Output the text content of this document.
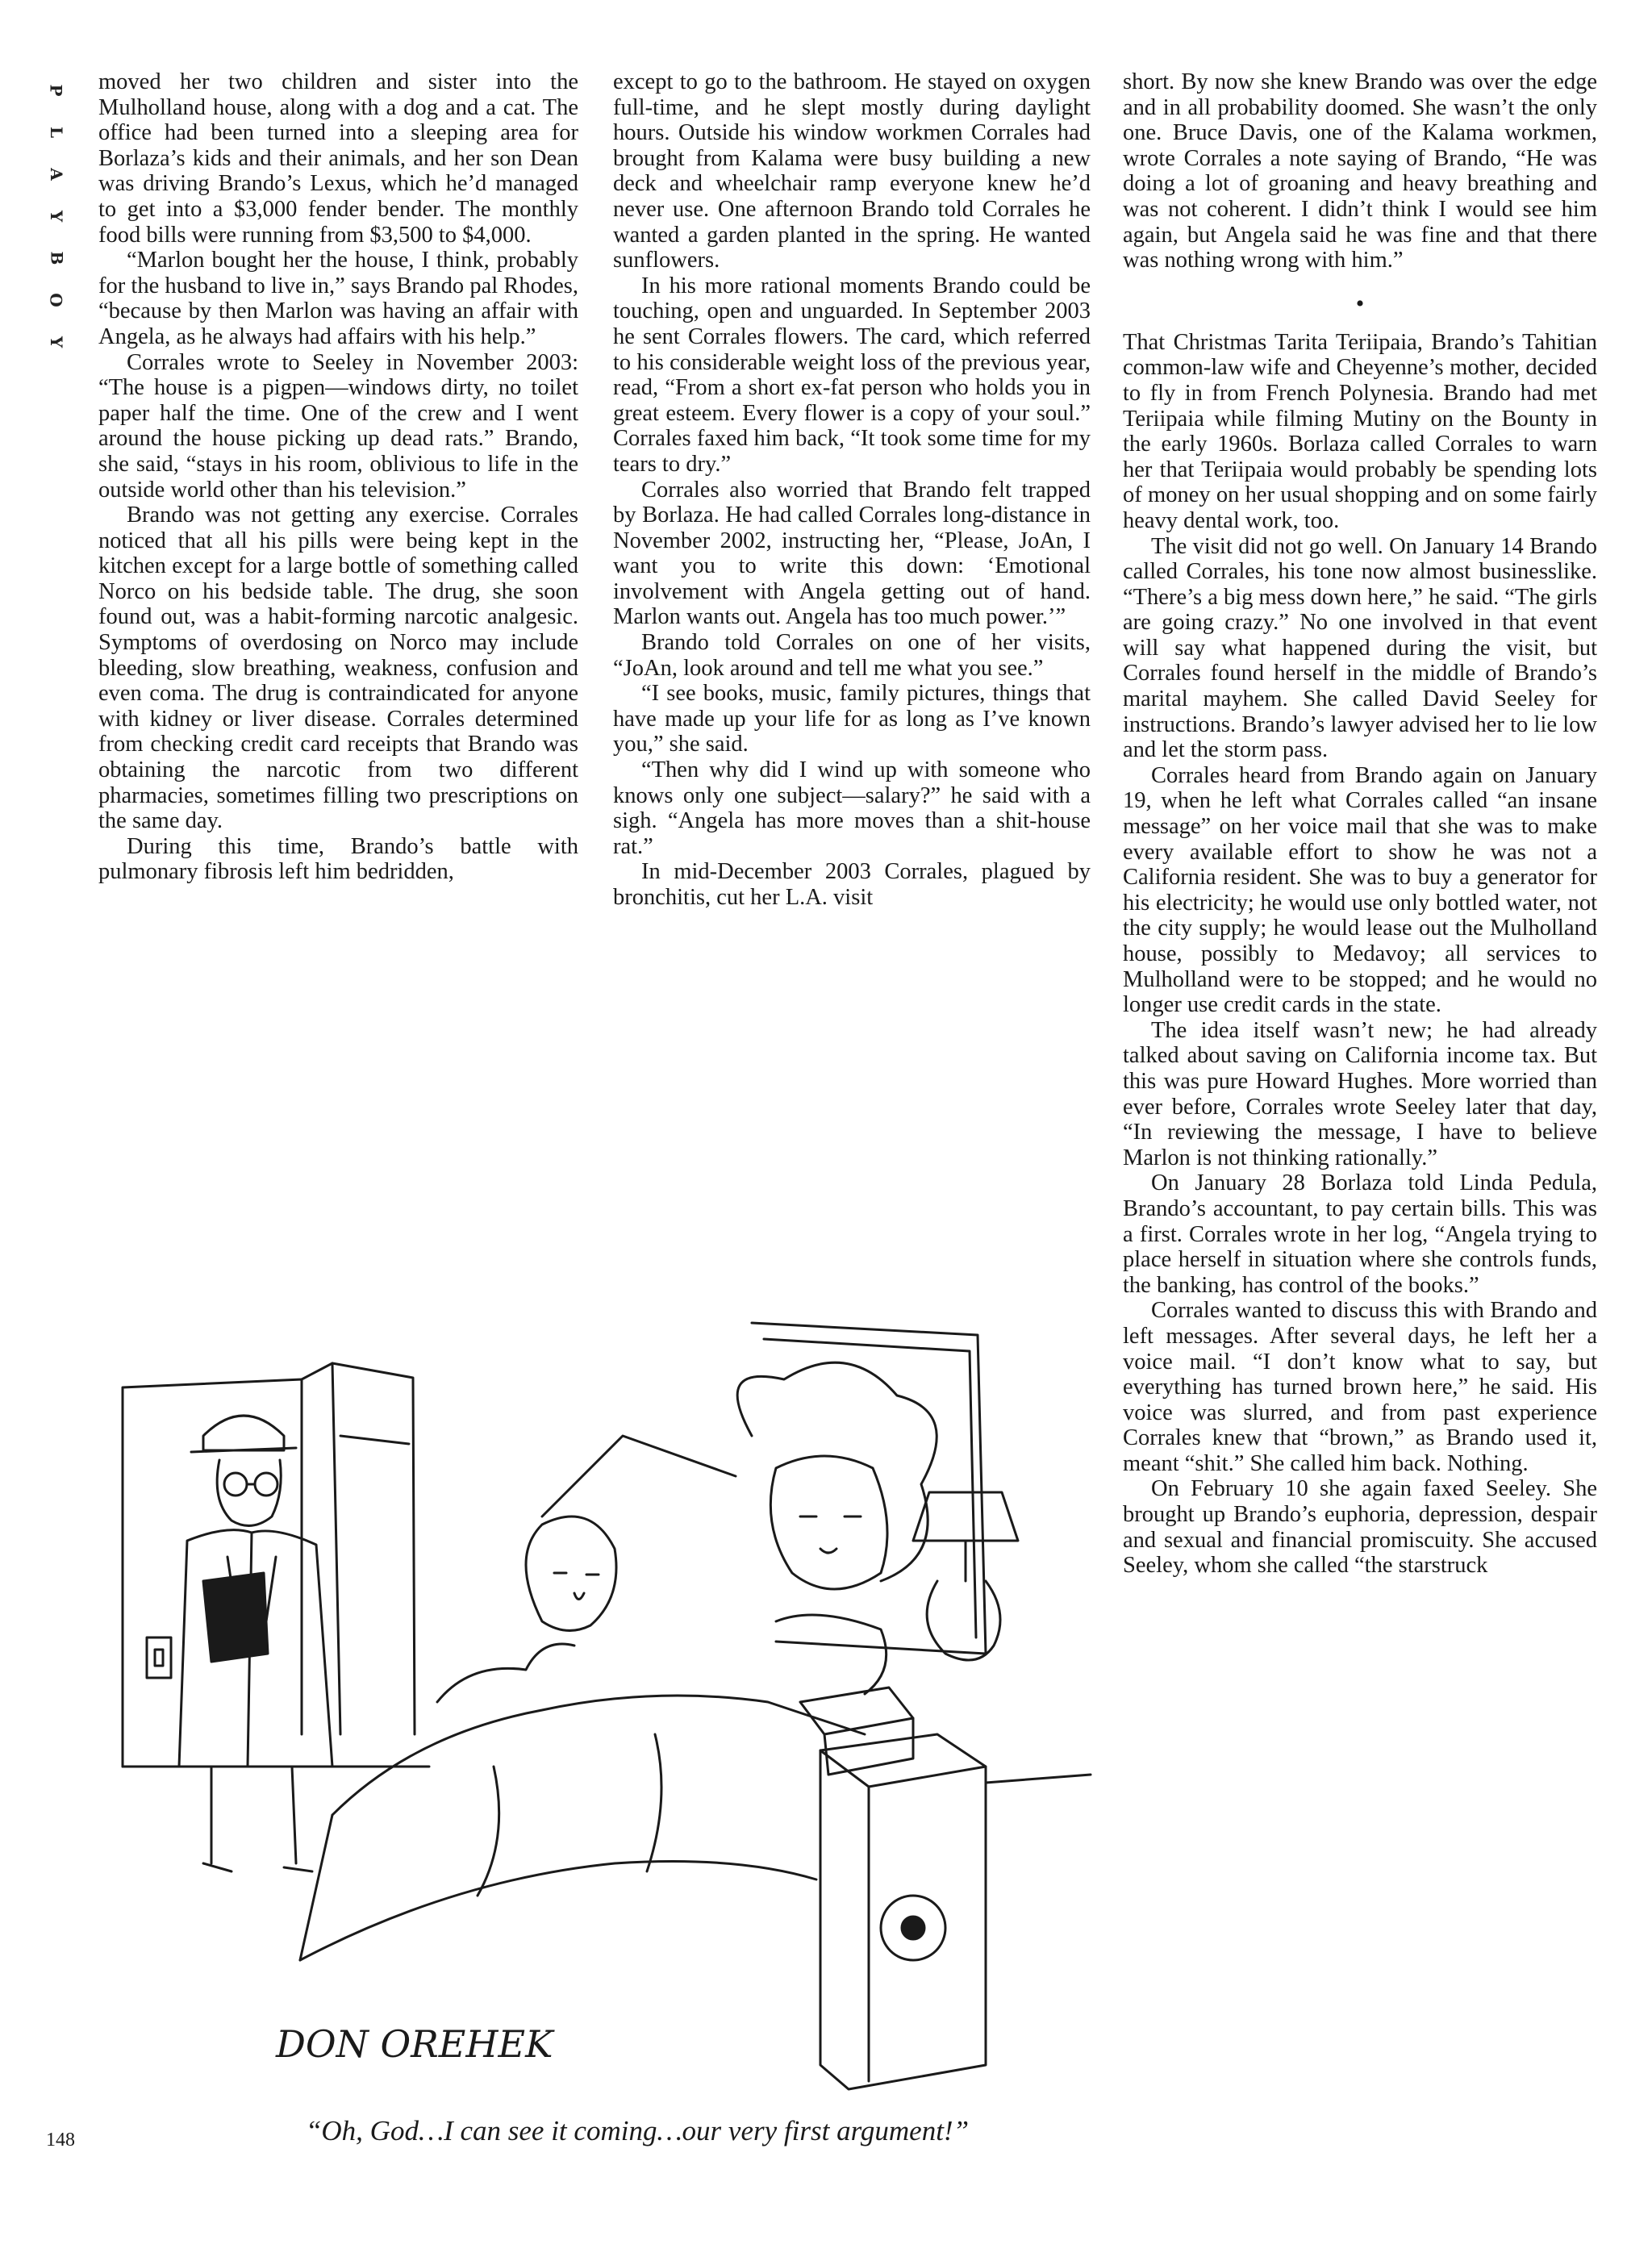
P
L
A
Y
B
O
Y

moved her two children and sister into the Mulholland house, along with a dog and a cat. The office had been turned into a sleeping area for Borlaza’s kids and their animals, and her son Dean was driving Brando’s Lexus, which he’d managed to get into a $3,000 fender bender. The monthly food bills were running from $3,500 to $4,000.

“Marlon bought her the house, I think, probably for the husband to live in,” says Brando pal Rhodes, “because by then Marlon was having an affair with Angela, as he always had affairs with his help.”

Corrales wrote to Seeley in November 2003: “The house is a pigpen—windows dirty, no toilet paper half the time. One of the crew and I went around the house picking up dead rats.” Brando, she said, “stays in his room, oblivious to life in the outside world other than his television.”

Brando was not getting any exercise. Corrales noticed that all his pills were being kept in the kitchen except for a large bottle of something called Norco on his bedside table. The drug, she soon found out, was a habit-forming narcotic analgesic. Symptoms of overdosing on Norco may include bleeding, slow breathing, weakness, confusion and even coma. The drug is contraindicated for anyone with kidney or liver disease. Corrales determined from checking credit card receipts that Brando was obtaining the narcotic from two different pharmacies, sometimes filling two prescriptions on the same day.

During this time, Brando’s battle with pulmonary fibrosis left him bedridden,

except to go to the bathroom. He stayed on oxygen full-time, and he slept mostly during daylight hours. Outside his window workmen Corrales had brought from Kalama were busy building a new deck and wheelchair ramp everyone knew he’d never use. One afternoon Brando told Corrales he wanted a garden planted in the spring. He wanted sunflowers.

In his more rational moments Brando could be touching, open and unguarded. In September 2003 he sent Corrales flowers. The card, which referred to his considerable weight loss of the previous year, read, “From a short ex-fat person who holds you in great esteem. Every flower is a copy of your soul.” Corrales faxed him back, “It took some time for my tears to dry.”

Corrales also worried that Brando felt trapped by Borlaza. He had called Corrales long-distance in November 2002, instructing her, “Please, JoAn, I want you to write this down: ‘Emotional involvement with Angela getting out of hand. Marlon wants out. Angela has too much power.’”

Brando told Corrales on one of her visits, “JoAn, look around and tell me what you see.”

“I see books, music, family pictures, things that have made up your life for as long as I’ve known you,” she said.

“Then why did I wind up with someone who knows only one subject—salary?” he said with a sigh. “Angela has more moves than a shit-house rat.”

In mid-December 2003 Corrales, plagued by bronchitis, cut her L.A. visit

short. By now she knew Brando was over the edge and in all probability doomed. She wasn’t the only one. Bruce Davis, one of the Kalama workmen, wrote Corrales a note saying of Brando, “He was doing a lot of groaning and heavy breathing and was not coherent. I didn’t think I would see him again, but Angela said he was fine and that there was nothing wrong with him.”

•

That Christmas Tarita Teriipaia, Brando’s Tahitian common-law wife and Cheyenne’s mother, decided to fly in from French Polynesia. Brando had met Teriipaia while filming Mutiny on the Bounty in the early 1960s. Borlaza called Corrales to warn her that Teriipaia would probably be spending lots of money on her usual shopping and on some fairly heavy dental work, too.

The visit did not go well. On January 14 Brando called Corrales, his tone now almost businesslike. “There’s a big mess down here,” he said. “The girls are going crazy.” No one involved in that event will say what happened during the visit, but Corrales found herself in the middle of Brando’s marital mayhem. She called David Seeley for instructions. Brando’s lawyer advised her to lie low and let the storm pass.

Corrales heard from Brando again on January 19, when he left what Corrales called “an insane message” on her voice mail that she was to make every available effort to show he was not a California resident. She was to buy a generator for his electricity; he would use only bottled water, not the city supply; he would lease out the Mulholland house, possibly to Medavoy; all services to Mulholland were to be stopped; and he would no longer use credit cards in the state.

The idea itself wasn’t new; he had already talked about saving on California income tax. But this was pure Howard Hughes. More worried than ever before, Corrales wrote Seeley later that day, “In reviewing the message, I have to believe Marlon is not thinking rationally.”

On January 28 Borlaza told Linda Pedula, Brando’s accountant, to pay certain bills. This was a first. Corrales wrote in her log, “Angela trying to place herself in situation where she controls funds, the banking, has control of the books.”

Corrales wanted to discuss this with Brando and left messages. After several days, he left her a voice mail. “I don’t know what to say, but everything has turned brown here,” he said. His voice was slurred, and from past experience Corrales knew that “brown,” as Brando used it, meant “shit.” She called him back. Nothing.

On February 10 she again faxed Seeley. She brought up Brando’s euphoria, depression, despair and sexual and financial promiscuity. She accused Seeley, whom she called “the starstruck

DON OREHEK
“Oh, God…I can see it coming…our very first argument!”
148
